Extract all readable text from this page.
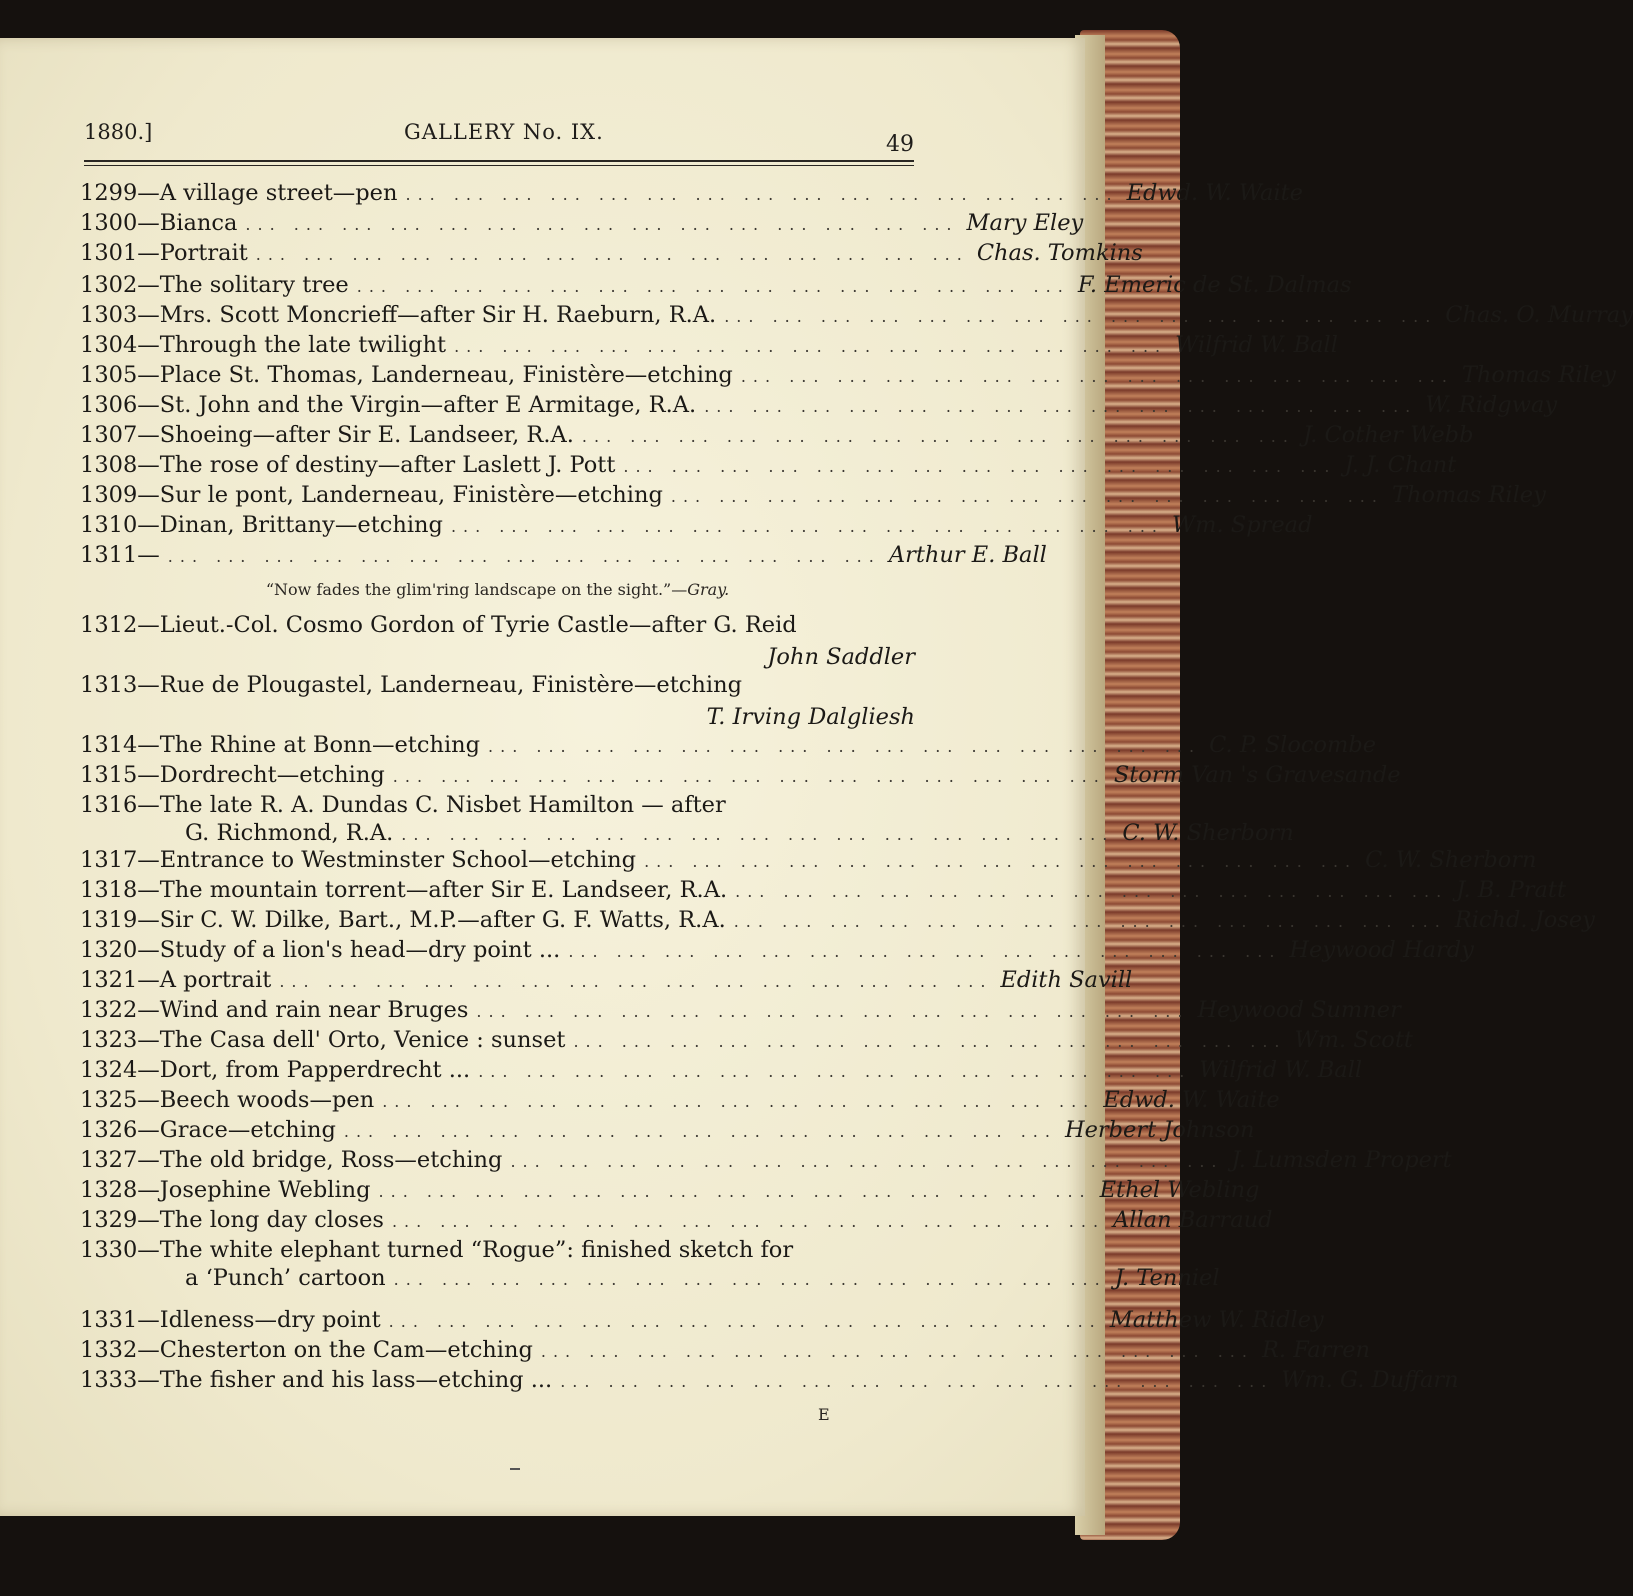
1880.]	GALLERY No. IX.	49
1299 —A village street—pen ... ... ... ... ... ... ... ... ... ... ... ... ... ... ... Edwd. W. Waite
1300 —Bianca ... ... ... ... ... ... ... ... ... ... ... ... ... ... ... Mary Eley
1301 —Portrait ... ... ... ... ... ... ... ... ... ... ... ... ... ... ... Chas. Tomkins
1302 —The solitary tree ... ... ... ... ... ... ... ... ... ... ... ... ... ... ... F. Emeric de St. Dalmas
1303 —Mrs. Scott Moncrieff—after Sir H. Raeburn, R.A. ... ... ... ... ... ... ... ... ... ... ... ... ... ... ... Chas. O. Murray
1304 —Through the late twilight ... ... ... ... ... ... ... ... ... ... ... ... ... ... ... Wilfrid W. Ball
1305 —Place St. Thomas, Landerneau, Finistère—etching ... ... ... ... ... ... ... ... ... ... ... ... ... ... ... Thomas Riley
1306 —St. John and the Virgin—after E Armitage, R.A. ... ... ... ... ... ... ... ... ... ... ... ... ... ... ... W. Ridgway
1307 —Shoeing—after Sir E. Landseer, R.A. ... ... ... ... ... ... ... ... ... ... ... ... ... ... ... J. Cother Webb
1308 —The rose of destiny—after Laslett J. Pott ... ... ... ... ... ... ... ... ... ... ... ... ... ... ... J. J. Chant
1309 —Sur le pont, Landerneau, Finistère—etching ... ... ... ... ... ... ... ... ... ... ... ... ... ... ... Thomas Riley
1310 —Dinan, Brittany—etching ... ... ... ... ... ... ... ... ... ... ... ... ... ... ... Wm. Spread
1311 — ... ... ... ... ... ... ... ... ... ... ... ... ... ... ... Arthur E. Ball
“Now fades the glim'ring landscape on the sight.”—Gray.
1312 —Lieut.-Col. Cosmo Gordon of Tyrie Castle—after G. Reid
John Saddler
1313 —Rue de Plougastel, Landerneau, Finistère—etching
T. Irving Dalgliesh
1314 —The Rhine at Bonn—etching ... ... ... ... ... ... ... ... ... ... ... ... ... ... ... C. P. Slocombe
1315 —Dordrecht—etching ... ... ... ... ... ... ... ... ... ... ... ... ... ... ... Storm Van 's Gravesande
1316 —The late R. A. Dundas C. Nisbet Hamilton — after
G. Richmond, R.A. ... ... ... ... ... ... ... ... ... ... ... ... ... ... ... C. W. Sherborn
1317 —Entrance to Westminster School—etching ... ... ... ... ... ... ... ... ... ... ... ... ... ... ... C. W. Sherborn
1318 —The mountain torrent—after Sir E. Landseer, R.A. ... ... ... ... ... ... ... ... ... ... ... ... ... ... ... J. B. Pratt
1319 —Sir C. W. Dilke, Bart., M.P.—after G. F. Watts, R.A. ... ... ... ... ... ... ... ... ... ... ... ... ... ... ... Richd. Josey
1320 —Study of a lion's head—dry point ... ... ... ... ... ... ... ... ... ... ... ... ... ... ... ... Heywood Hardy
1321 —A portrait ... ... ... ... ... ... ... ... ... ... ... ... ... ... ... Edith Savill
1322 —Wind and rain near Bruges ... ... ... ... ... ... ... ... ... ... ... ... ... ... ... Heywood Sumner
1323 —The Casa dell' Orto, Venice : sunset ... ... ... ... ... ... ... ... ... ... ... ... ... ... ... Wm. Scott
1324 —Dort, from Papperdrecht ... ... ... ... ... ... ... ... ... ... ... ... ... ... ... ... Wilfrid W. Ball
1325 —Beech woods—pen ... ... ... ... ... ... ... ... ... ... ... ... ... ... ... Edwd. W. Waite
1326 —Grace—etching ... ... ... ... ... ... ... ... ... ... ... ... ... ... ... Herbert Johnson
1327 —The old bridge, Ross—etching ... ... ... ... ... ... ... ... ... ... ... ... ... ... ... J. Lumsden Propert
1328 —Josephine Webling ... ... ... ... ... ... ... ... ... ... ... ... ... ... ... Ethel Webling
1329 —The long day closes ... ... ... ... ... ... ... ... ... ... ... ... ... ... ... Allan Barraud
1330 —The white elephant turned “Rogue”: finished sketch for
a ‘Punch’ cartoon ... ... ... ... ... ... ... ... ... ... ... ... ... ... ... J. Tenniel
1331 —Idleness—dry point ... ... ... ... ... ... ... ... ... ... ... ... ... ... ... Matthew W. Ridley
1332 —Chesterton on the Cam—etching ... ... ... ... ... ... ... ... ... ... ... ... ... ... ... R. Farren
1333 —The fisher and his lass—etching ... ... ... ... ... ... ... ... ... ... ... ... ... ... ... ... Wm. G. Duffarn
E
